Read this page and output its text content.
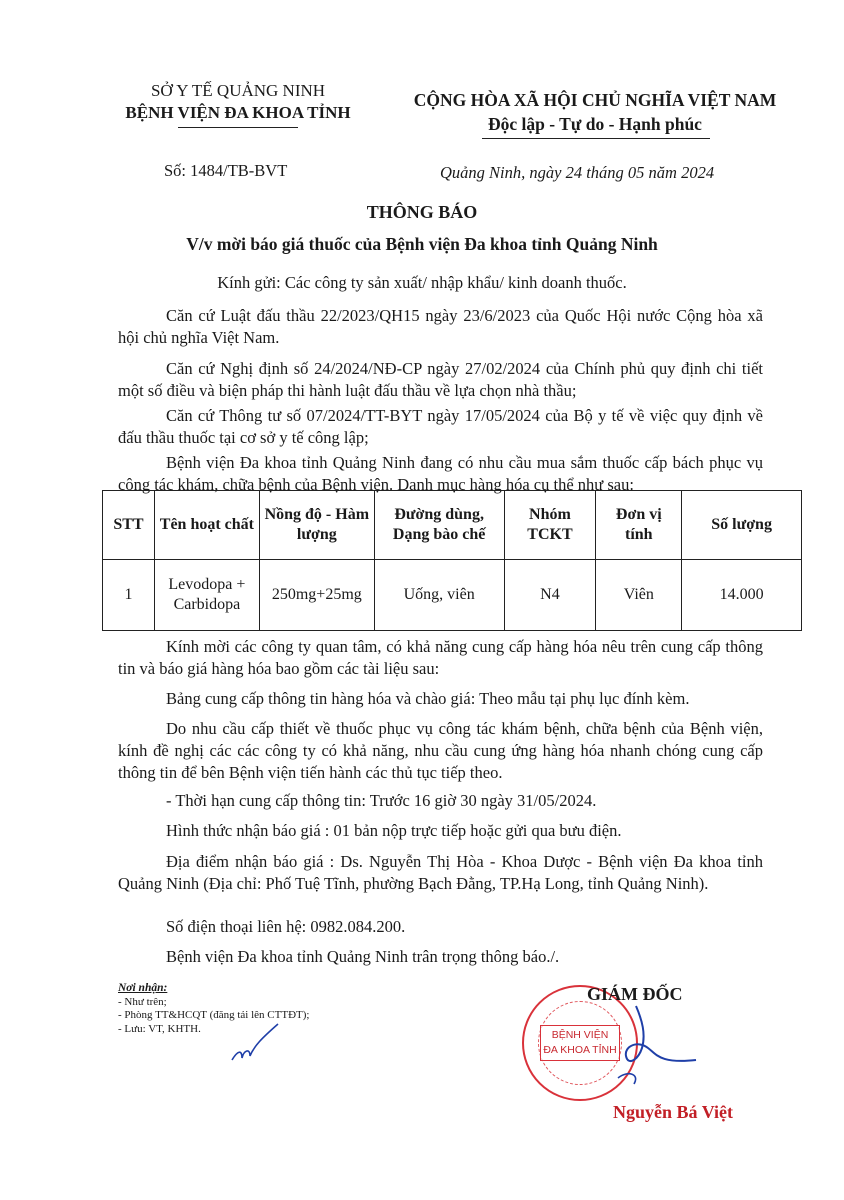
SỞ Y TẾ QUẢNG NINH
BỆNH VIỆN ĐA KHOA TỈNH
Số: 1484/TB-BVT
CỘNG HÒA XÃ HỘI CHỦ NGHĨA VIỆT NAM
Độc lập - Tự do - Hạnh phúc
Quảng Ninh, ngày 24 tháng 05 năm 2024
THÔNG BÁO
V/v mời báo giá thuốc của Bệnh viện Đa khoa tỉnh Quảng Ninh
Kính gửi: Các công ty sản xuất/ nhập khẩu/ kinh doanh thuốc.
Căn cứ Luật đấu thầu 22/2023/QH15 ngày 23/6/2023 của Quốc Hội nước Cộng hòa xã hội chủ nghĩa Việt Nam.
Căn cứ Nghị định số 24/2024/NĐ-CP ngày 27/02/2024 của Chính phủ quy định chi tiết một số điều và biện pháp thi hành luật đấu thầu về lựa chọn nhà thầu;
Căn cứ Thông tư số 07/2024/TT-BYT ngày 17/05/2024 của Bộ y tế về việc quy định về đấu thầu thuốc tại cơ sở y tế công lập;
Bệnh viện Đa khoa tỉnh Quảng Ninh đang có nhu cầu mua sắm thuốc cấp bách phục vụ công tác khám, chữa bệnh của Bệnh viện. Danh mục hàng hóa cụ thể như sau:
STT	Tên hoạt chất	Nồng độ - Hàm lượng	Đường dùng, Dạng bào chế	Nhóm TCKT	Đơn vị tính	Số lượng
1	Levodopa + Carbidopa	250mg+25mg	Uống, viên	N4	Viên	14.000
Kính mời các công ty quan tâm, có khả năng cung cấp hàng hóa nêu trên cung cấp thông tin và báo giá hàng hóa bao gồm các tài liệu sau:
Bảng cung cấp thông tin hàng hóa và chào giá: Theo mẫu tại phụ lục đính kèm.
Do nhu cầu cấp thiết về thuốc phục vụ công tác khám bệnh, chữa bệnh của Bệnh viện, kính đề nghị các các công ty có khả năng, nhu cầu cung ứng hàng hóa nhanh chóng cung cấp thông tin để bên Bệnh viện tiến hành các thủ tục tiếp theo.
- Thời hạn cung cấp thông tin: Trước 16 giờ 30 ngày 31/05/2024.
Hình thức nhận báo giá : 01 bản nộp trực tiếp hoặc gửi qua bưu điện.
Địa điểm nhận báo giá : Ds. Nguyễn Thị Hòa - Khoa Dược - Bệnh viện Đa khoa tỉnh Quảng Ninh (Địa chỉ: Phố Tuệ Tĩnh, phường Bạch Đằng, TP.Hạ Long, tỉnh Quảng Ninh).
Số điện thoại liên hệ: 0982.084.200.
Bệnh viện Đa khoa tỉnh Quảng Ninh trân trọng thông báo./.
Nơi nhận:
- Như trên;
- Phòng TT&HCQT (đăng tải lên CTTĐT);
- Lưu: VT, KHTH.
BỆNH VIỆN
ĐA KHOA TỈNH
GIÁM ĐỐC
Nguyễn Bá Việt
